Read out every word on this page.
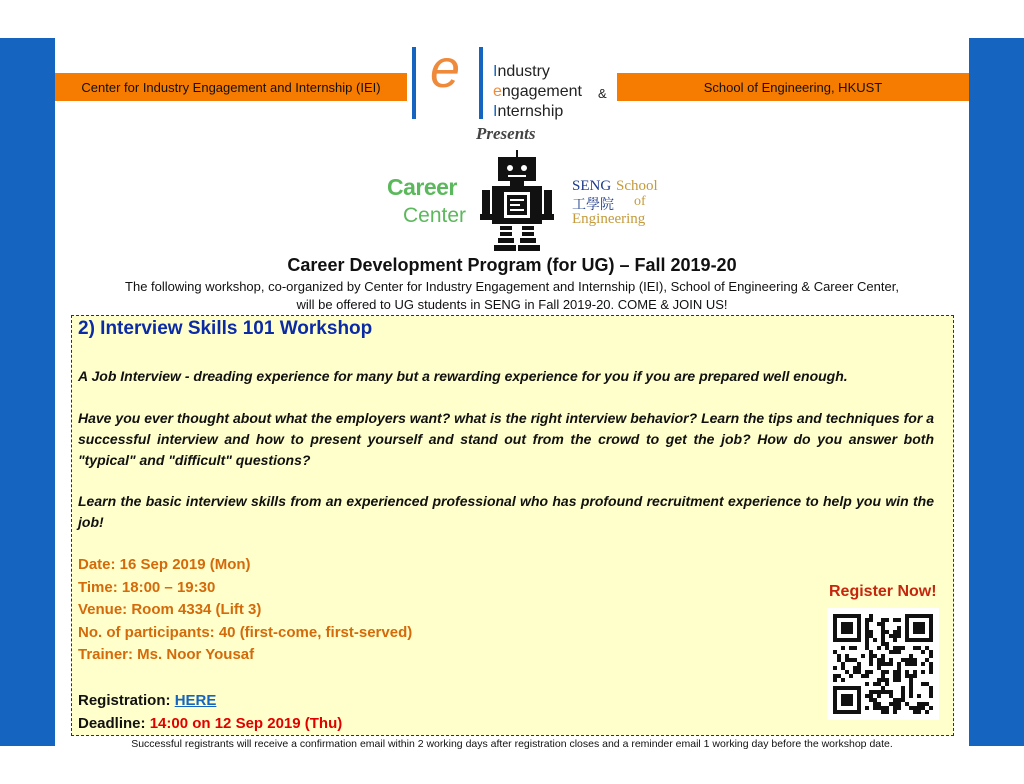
Center for Industry Engagement and Internship (IEI)	School of Engineering, HKUST
e Industry
engagement
Internship
&
Presents
Career
Center
SENG
工學院
School
of
Engineering
Career Development Program (for UG) – Fall 2019-20
The following workshop, co-organized by Center for Industry Engagement and Internship (IEI), School of Engineering & Career Center,
will be offered to UG students in SENG in Fall 2019-20. COME & JOIN US!
2) Interview Skills 101 Workshop
A Job Interview - dreading experience for many but a rewarding experience for you if you are prepared well enough.
Have you ever thought about what the employers want? what is the right interview behavior? Learn the tips and techniques for a successful interview and how to present yourself and stand out from the crowd to get the job? How do you answer both "typical" and "difficult" questions?
Learn the basic interview skills from an experienced professional who has profound recruitment experience to help you win the job!
Date: 16 Sep 2019 (Mon)
Time: 18:00 – 19:30
Venue: Room 4334 (Lift 3)
No. of participants: 40 (first-come, first-served)
Trainer: Ms. Noor Yousaf
Registration: HERE
Deadline: 14:00 on 12 Sep 2019 (Thu)
Register Now!
Successful registrants will receive a confirmation email within 2 working days after registration closes and a reminder email 1 working day before the workshop date.
